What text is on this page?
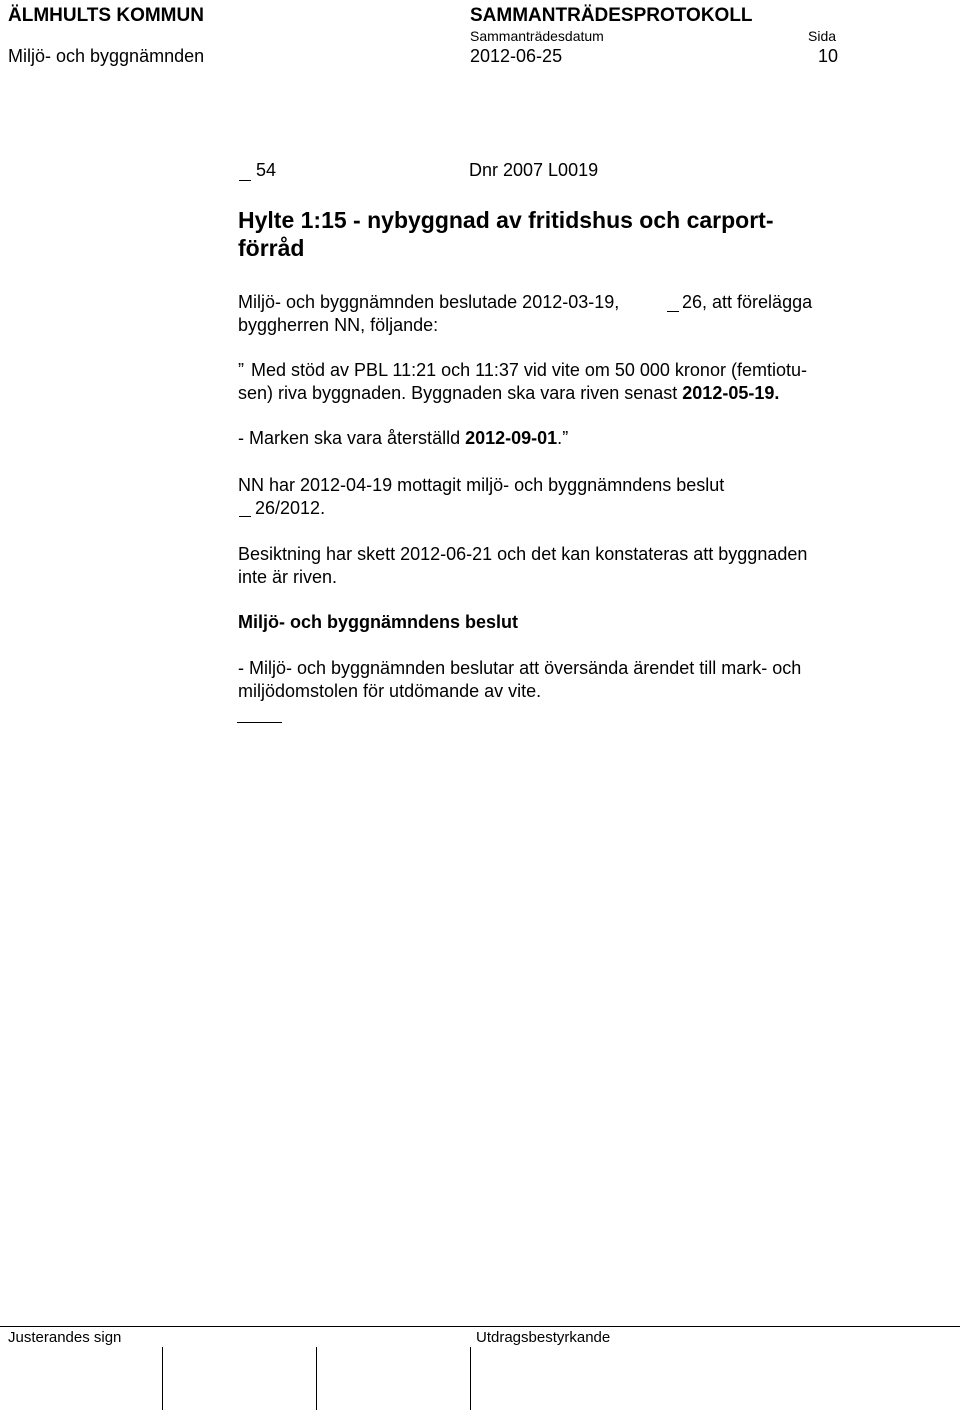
ÄLMHULTS KOMMUN	SAMMANTRÄDESPROTOKOLL
Sammanträdesdatum	Sida
Miljö- och byggnämnden	2012-06-25	10
54	Dnr 2007 L0019
Hylte 1:15 - nybyggnad av fritidshus och carport-
förråd
Miljö- och byggnämnden beslutade 2012-03-19,	26, att förelägga
byggherren NN, följande:
” Med stöd av PBL 11:21 och 11:37 vid vite om 50 000 kronor (femtiotu-
sen) riva byggnaden. Byggnaden ska vara riven senast 2012-05-19.
- Marken ska vara återställd 2012-09-01.”
NN har 2012-04-19 mottagit miljö- och byggnämndens beslut
26/2012.
Besiktning har skett 2012-06-21 och det kan konstateras att byggnaden
inte är riven.
Miljö- och byggnämndens beslut
- Miljö- och byggnämnden beslutar att översända ärendet till mark- och
miljödomstolen för utdömande av vite.
Justerandes sign	Utdragsbestyrkande
